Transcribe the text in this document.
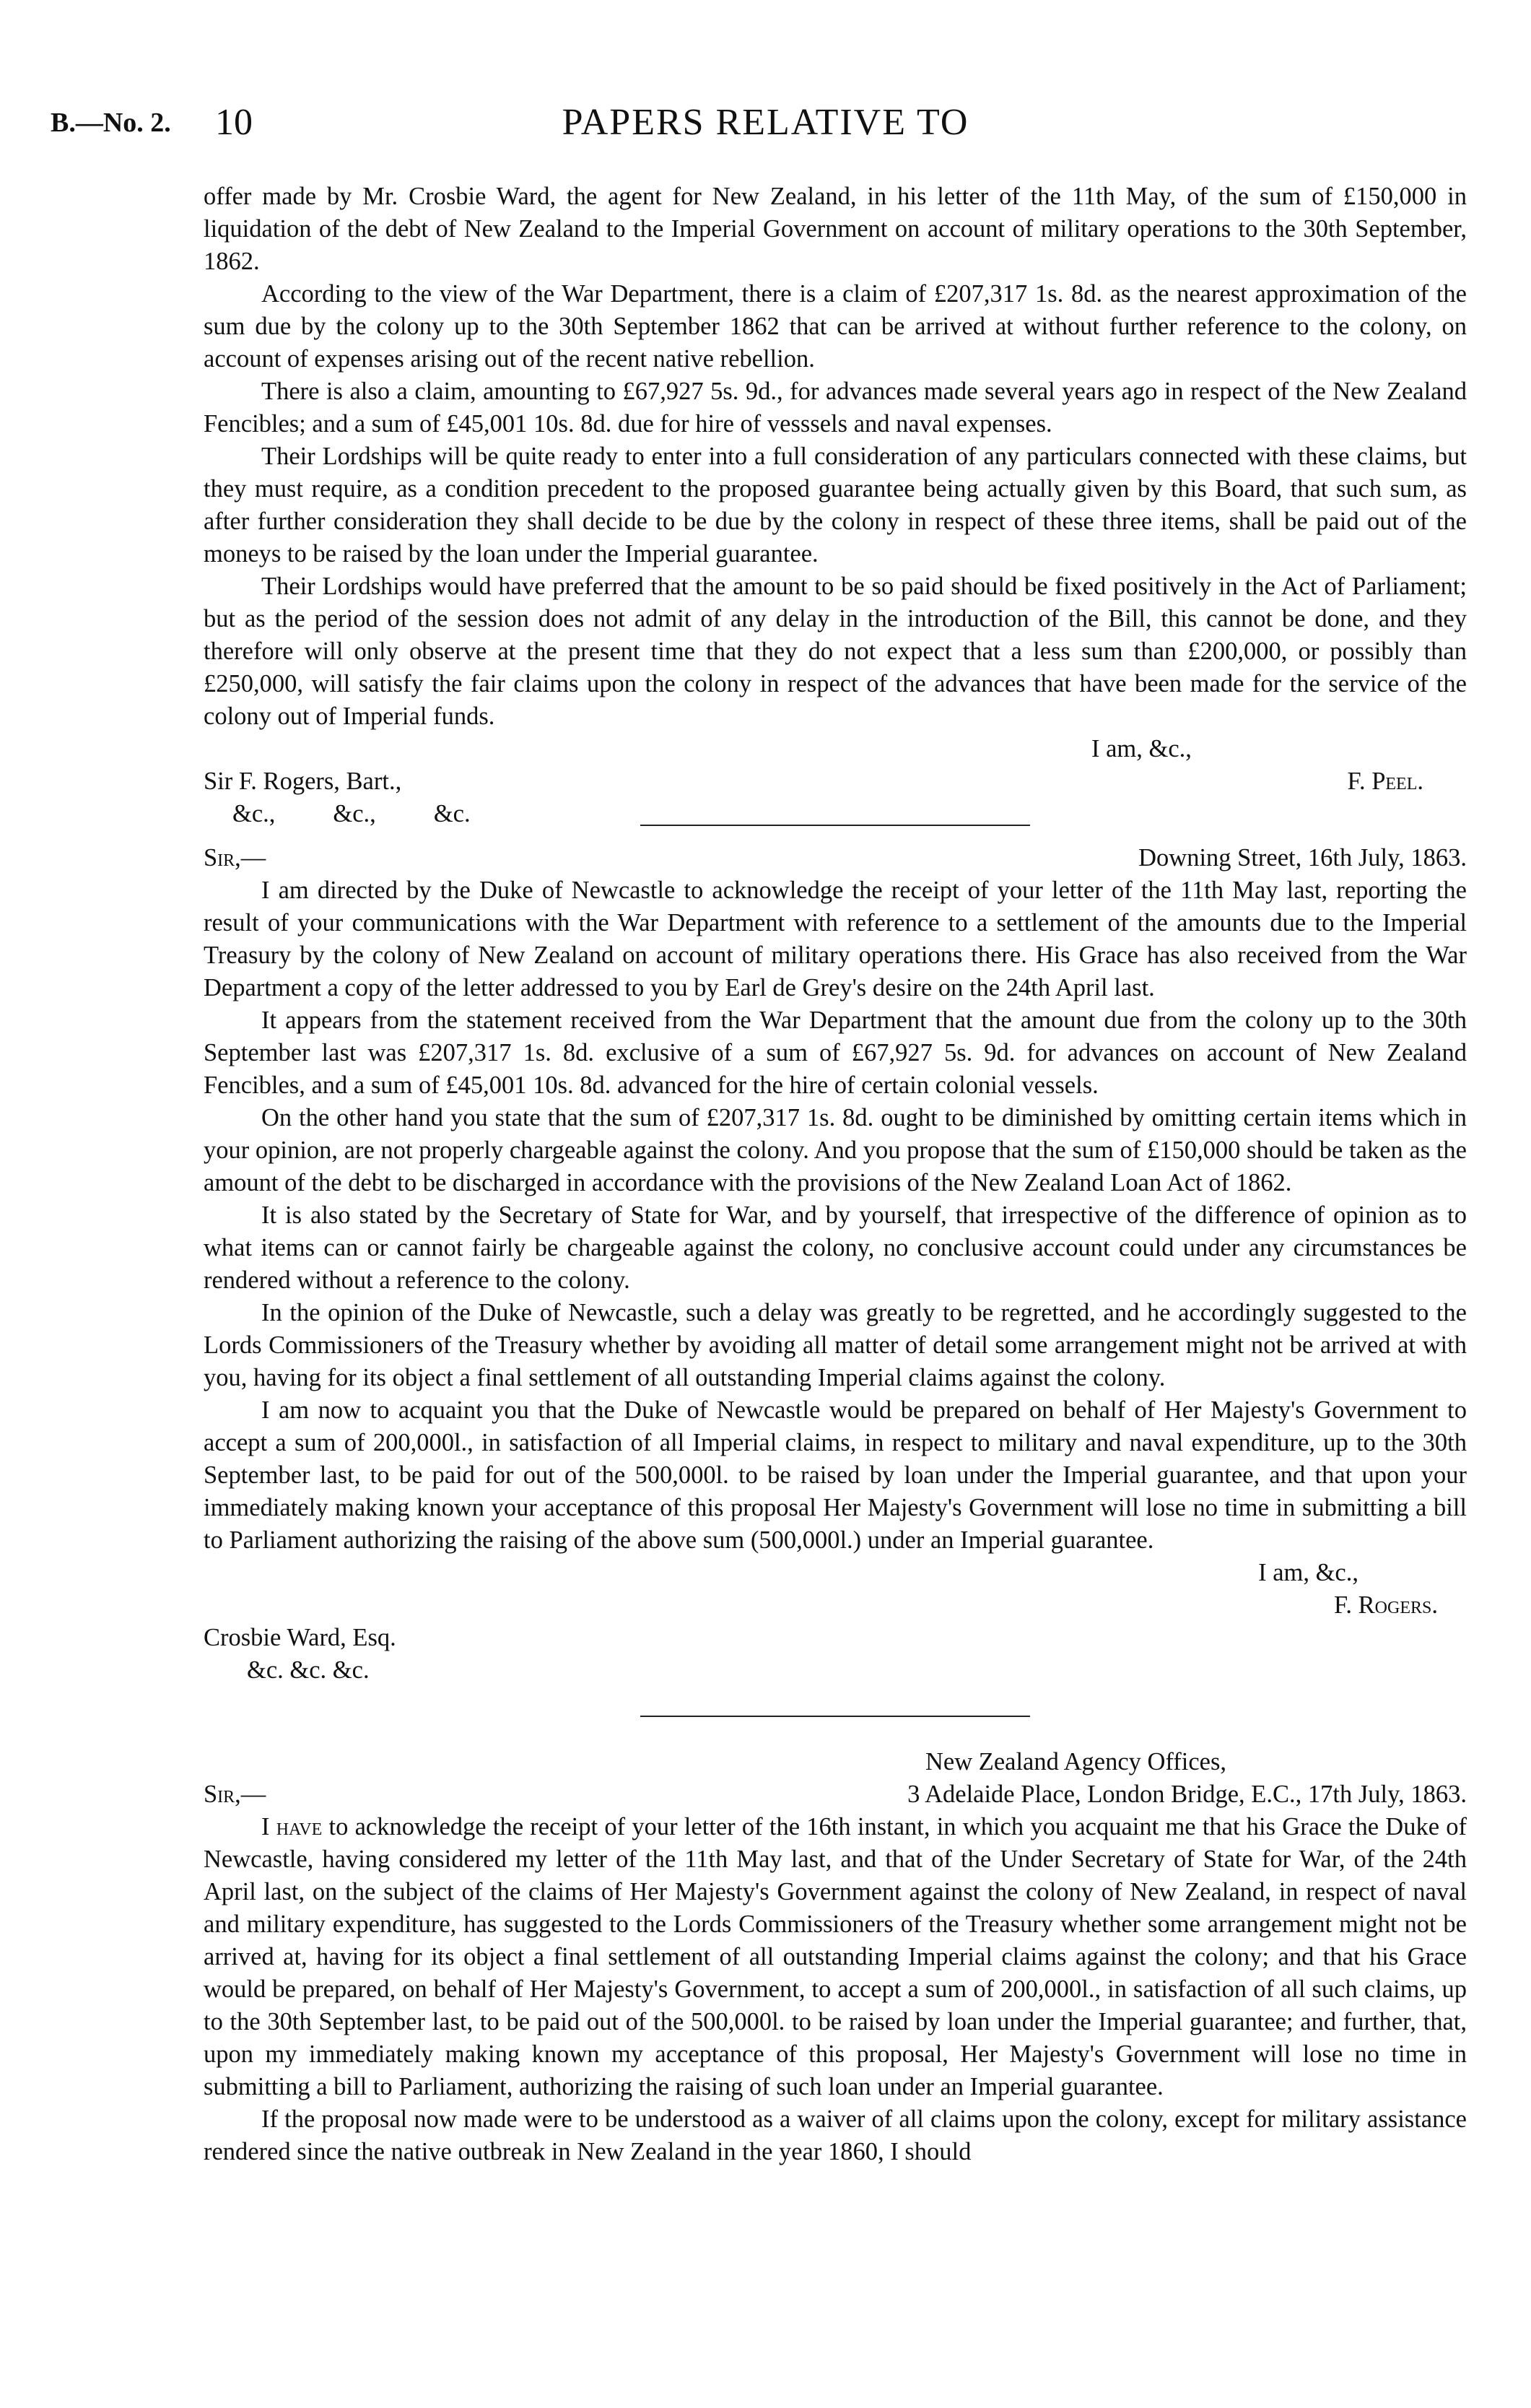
B.—No. 2. 10	PAPERS RELATIVE TO

offer made by Mr. Crosbie Ward, the agent for New Zealand, in his letter of the 11th May, of the sum of £150,000 in liquidation of the debt of New Zealand to the Imperial Government on account of military operations to the 30th September, 1862.

According to the view of the War Department, there is a claim of £207,317 1s. 8d. as the nearest approximation of the sum due by the colony up to the 30th September 1862 that can be arrived at without further reference to the colony, on account of expenses arising out of the recent native rebellion.

There is also a claim, amounting to £67,927 5s. 9d., for advances made several years ago in respect of the New Zealand Fencibles; and a sum of £45,001 10s. 8d. due for hire of vesssels and naval expenses.

Their Lordships will be quite ready to enter into a full consideration of any particulars connected with these claims, but they must require, as a condition precedent to the proposed guarantee being actually given by this Board, that such sum, as after further consideration they shall decide to be due by the colony in respect of these three items, shall be paid out of the moneys to be raised by the loan under the Imperial guarantee.

Their Lordships would have preferred that the amount to be so paid should be fixed positively in the Act of Parliament; but as the period of the session does not admit of any delay in the introduction of the Bill, this cannot be done, and they therefore will only observe at the present time that they do not expect that a less sum than £200,000, or possibly than £250,000, will satisfy the fair claims upon the colony in respect of the advances that have been made for the service of the colony out of Imperial funds.

I am, &c.,
Sir F. Rogers, Bart.,	F. Peel.
&c., &c., &c.
Sir,—	Downing Street, 16th July, 1863.

I am directed by the Duke of Newcastle to acknowledge the receipt of your letter of the 11th May last, reporting the result of your communications with the War Department with reference to a settlement of the amounts due to the Imperial Treasury by the colony of New Zealand on account of military operations there. His Grace has also received from the War Department a copy of the letter addressed to you by Earl de Grey's desire on the 24th April last.

It appears from the statement received from the War Department that the amount due from the colony up to the 30th September last was £207,317 1s. 8d. exclusive of a sum of £67,927 5s. 9d. for advances on account of New Zealand Fencibles, and a sum of £45,001 10s. 8d. advanced for the hire of certain colonial vessels.

On the other hand you state that the sum of £207,317 1s. 8d. ought to be diminished by omitting certain items which in your opinion, are not properly chargeable against the colony. And you propose that the sum of £150,000 should be taken as the amount of the debt to be discharged in accordance with the provisions of the New Zealand Loan Act of 1862.

It is also stated by the Secretary of State for War, and by yourself, that irrespective of the difference of opinion as to what items can or cannot fairly be chargeable against the colony, no conclusive account could under any circumstances be rendered without a reference to the colony.

In the opinion of the Duke of Newcastle, such a delay was greatly to be regretted, and he accordingly suggested to the Lords Commissioners of the Treasury whether by avoiding all matter of detail some arrangement might not be arrived at with you, having for its object a final settlement of all outstanding Imperial claims against the colony.

I am now to acquaint you that the Duke of Newcastle would be prepared on behalf of Her Majesty's Government to accept a sum of 200,000l., in satisfaction of all Imperial claims, in respect to military and naval expenditure, up to the 30th September last, to be paid for out of the 500,000l. to be raised by loan under the Imperial guarantee, and that upon your immediately making known your acceptance of this proposal Her Majesty's Government will lose no time in submitting a bill to Parliament authorizing the raising of the above sum (500,000l.) under an Imperial guarantee.

I am, &c.,
F. Rogers.
Crosbie Ward, Esq.
&c. &c. &c.
New Zealand Agency Offices,
Sir,—	3 Adelaide Place, London Bridge, E.C., 17th July, 1863.

I have to acknowledge the receipt of your letter of the 16th instant, in which you acquaint me that his Grace the Duke of Newcastle, having considered my letter of the 11th May last, and that of the Under Secretary of State for War, of the 24th April last, on the subject of the claims of Her Majesty's Government against the colony of New Zealand, in respect of naval and military expenditure, has suggested to the Lords Commissioners of the Treasury whether some arrangement might not be arrived at, having for its object a final settlement of all outstanding Imperial claims against the colony; and that his Grace would be prepared, on behalf of Her Majesty's Government, to accept a sum of 200,000l., in satisfaction of all such claims, up to the 30th September last, to be paid out of the 500,000l. to be raised by loan under the Imperial guarantee; and further, that, upon my immediately making known my acceptance of this proposal, Her Majesty's Government will lose no time in submitting a bill to Parliament, authorizing the raising of such loan under an Imperial guarantee.

If the proposal now made were to be understood as a waiver of all claims upon the colony, except for military assistance rendered since the native outbreak in New Zealand in the year 1860, I should
